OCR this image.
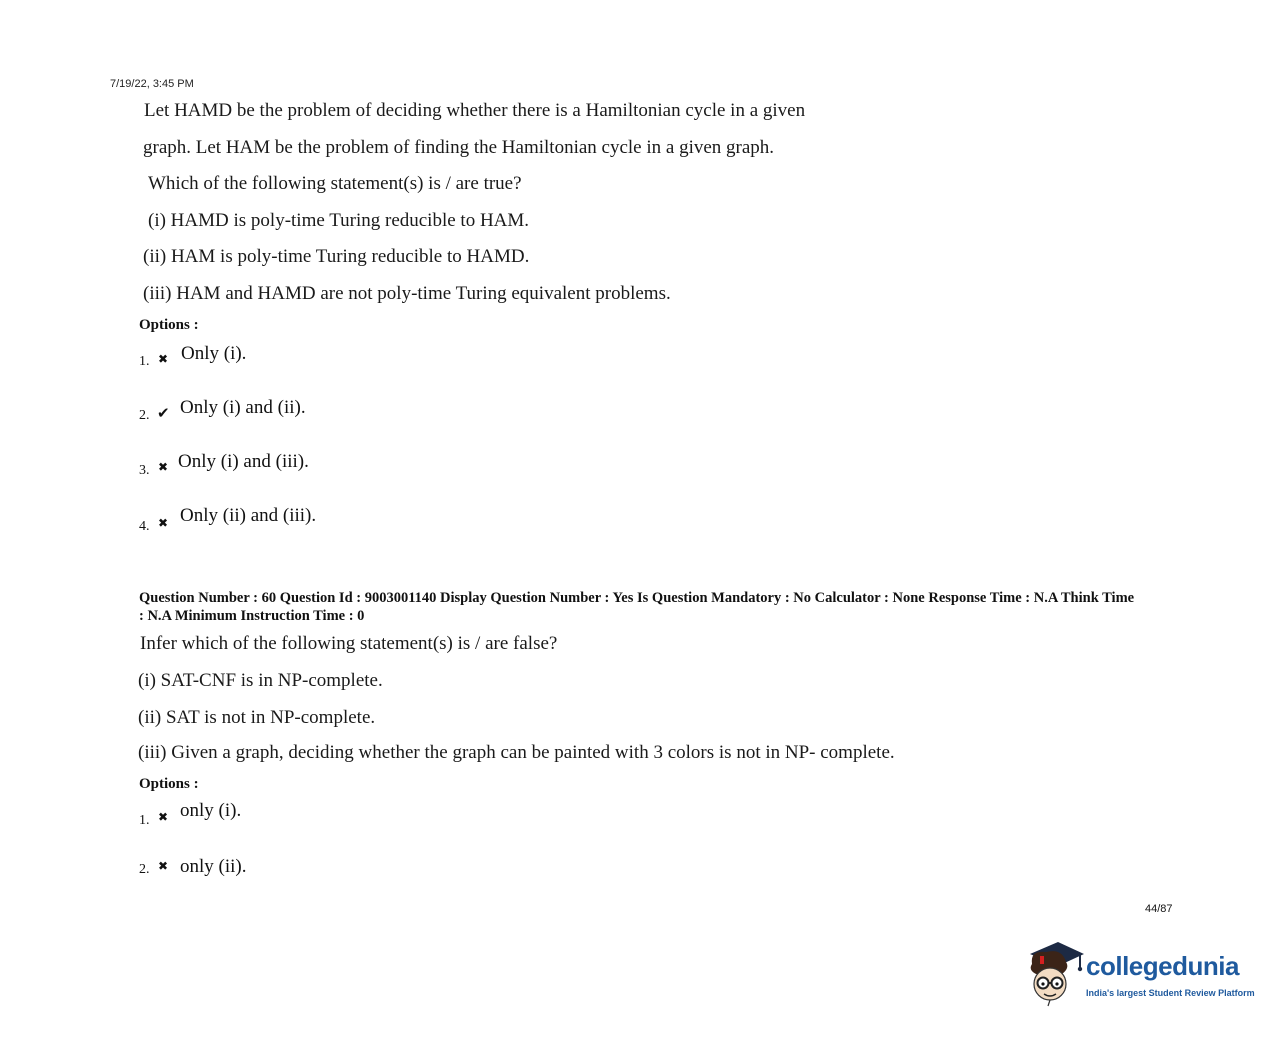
7/19/22, 3:45 PM
Let HAMD be the problem of deciding whether there is a Hamiltonian cycle in a given
graph. Let HAM be the problem of finding the Hamiltonian cycle in a given graph.
Which of the following statement(s) is / are true?
(i) HAMD is poly-time Turing reducible to HAM.
(ii) HAM is poly-time Turing reducible to HAMD.
(iii) HAM and HAMD are not poly-time Turing equivalent problems.
Options :
1. ✖ Only (i).
2. ✔ Only (i) and (ii).
3. ✖ Only (i) and (iii).
4. ✖ Only (ii) and (iii).
Question Number : 60 Question Id : 9003001140 Display Question Number : Yes Is Question Mandatory : No Calculator : None Response Time : N.A Think Time : N.A Minimum Instruction Time : 0
Infer which of the following statement(s) is / are false?
(i) SAT-CNF is in NP-complete.
(ii) SAT is not in NP-complete.
(iii) Given a graph, deciding whether the graph can be painted with 3 colors is not in NP- complete.
Options :
1. ✖ only (i).
2. ✖ only (ii).
44/87
collegedunia
India's largest Student Review Platform
